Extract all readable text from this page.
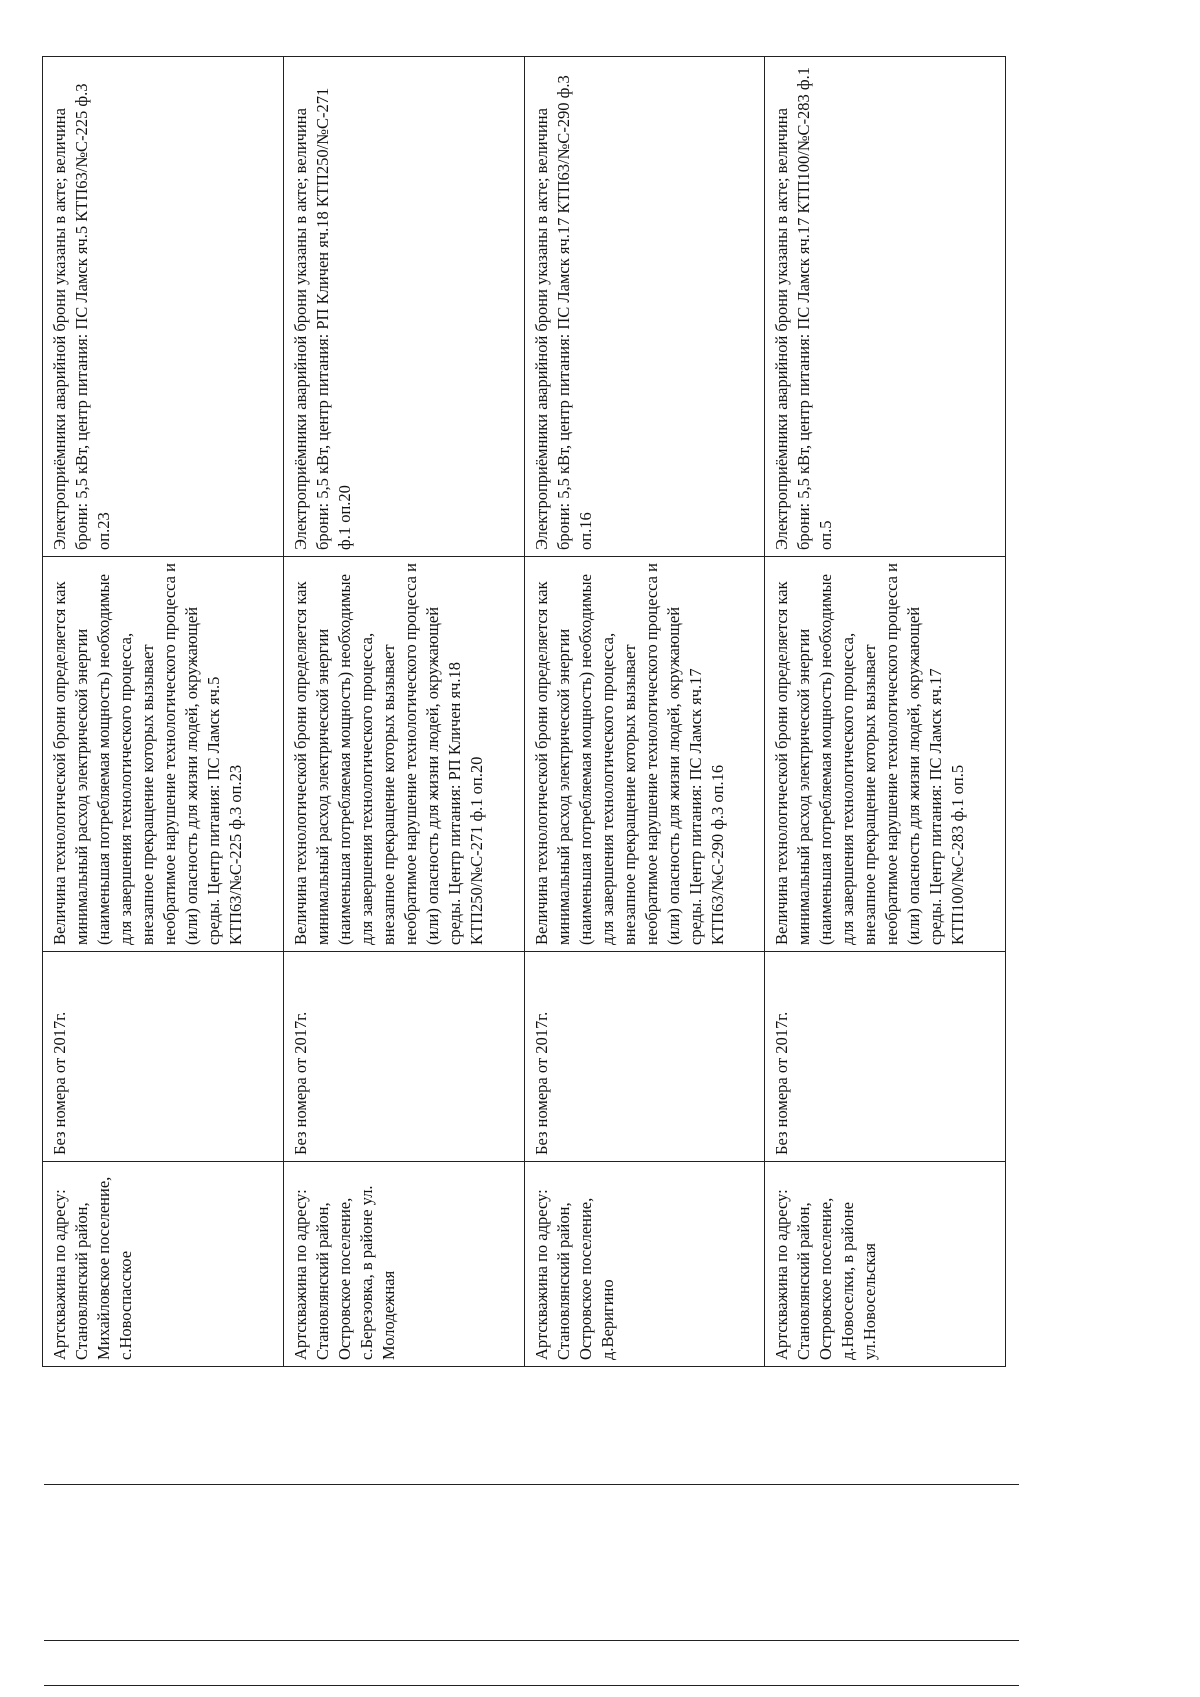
Артскважина по адресу: Становлянский район, Михайловское поселение, с.Новоспасское	Без номера от 2017г.	Величина технологической брони определяется как минимальный расход электрической энергии (наименьшая потребляемая мощность) необходимые для завершения технологического процесса, внезапное прекращение которых вызывает необратимое нарушение технологического процесса и (или) опасность для жизни людей, окружающей среды. Центр питания: ПС Ламск яч.5 КТП63/№С-225 ф.3 оп.23	Электроприёмники аварийной брони указаны в акте; величина брони: 5,5 кВт, центр питания: ПС Ламск яч.5 КТП63/№С-225 ф.3 оп.23
Артскважина по адресу: Становлянский район, Островское поселение, с.Березовка, в районе ул. Молодежная	Без номера от 2017г.	Величина технологической брони определяется как минимальный расход электрической энергии (наименьшая потребляемая мощность) необходимые для завершения технологического процесса, внезапное прекращение которых вызывает необратимое нарушение технологического процесса и (или) опасность для жизни людей, окружающей среды. Центр питания: РП Кличен яч.18 КТП250/№С-271 ф.1 оп.20	Электроприёмники аварийной брони указаны в акте; величина брони: 5,5 кВт, центр питания: РП Кличен яч.18 КТП250/№С-271 ф.1 оп.20
Артскважина по адресу: Становлянский район, Островское поселение, д.Веригино	Без номера от 2017г.	Величина технологической брони определяется как минимальный расход электрической энергии (наименьшая потребляемая мощность) необходимые для завершения технологического процесса, внезапное прекращение которых вызывает необратимое нарушение технологического процесса и (или) опасность для жизни людей, окружающей среды. Центр питания: ПС Ламск яч.17 КТП63/№С-290 ф.3 оп.16	Электроприёмники аварийной брони указаны в акте; величина брони: 5,5 кВт, центр питания: ПС Ламск яч.17 КТП63/№С-290 ф.3 оп.16
Артскважина по адресу: Становлянский район, Островское поселение, д.Новоселки, в районе ул.Новосельская	Без номера от 2017г.	Величина технологической брони определяется как минимальный расход электрической энергии (наименьшая потребляемая мощность) необходимые для завершения технологического процесса, внезапное прекращение которых вызывает необратимое нарушение технологического процесса и (или) опасность для жизни людей, окружающей среды. Центр питания: ПС Ламск яч.17 КТП100/№С-283 ф.1 оп.5	Электроприёмники аварийной брони указаны в акте; величина брони: 5,5 кВт, центр питания: ПС Ламск яч.17 КТП100/№С-283 ф.1 оп.5
